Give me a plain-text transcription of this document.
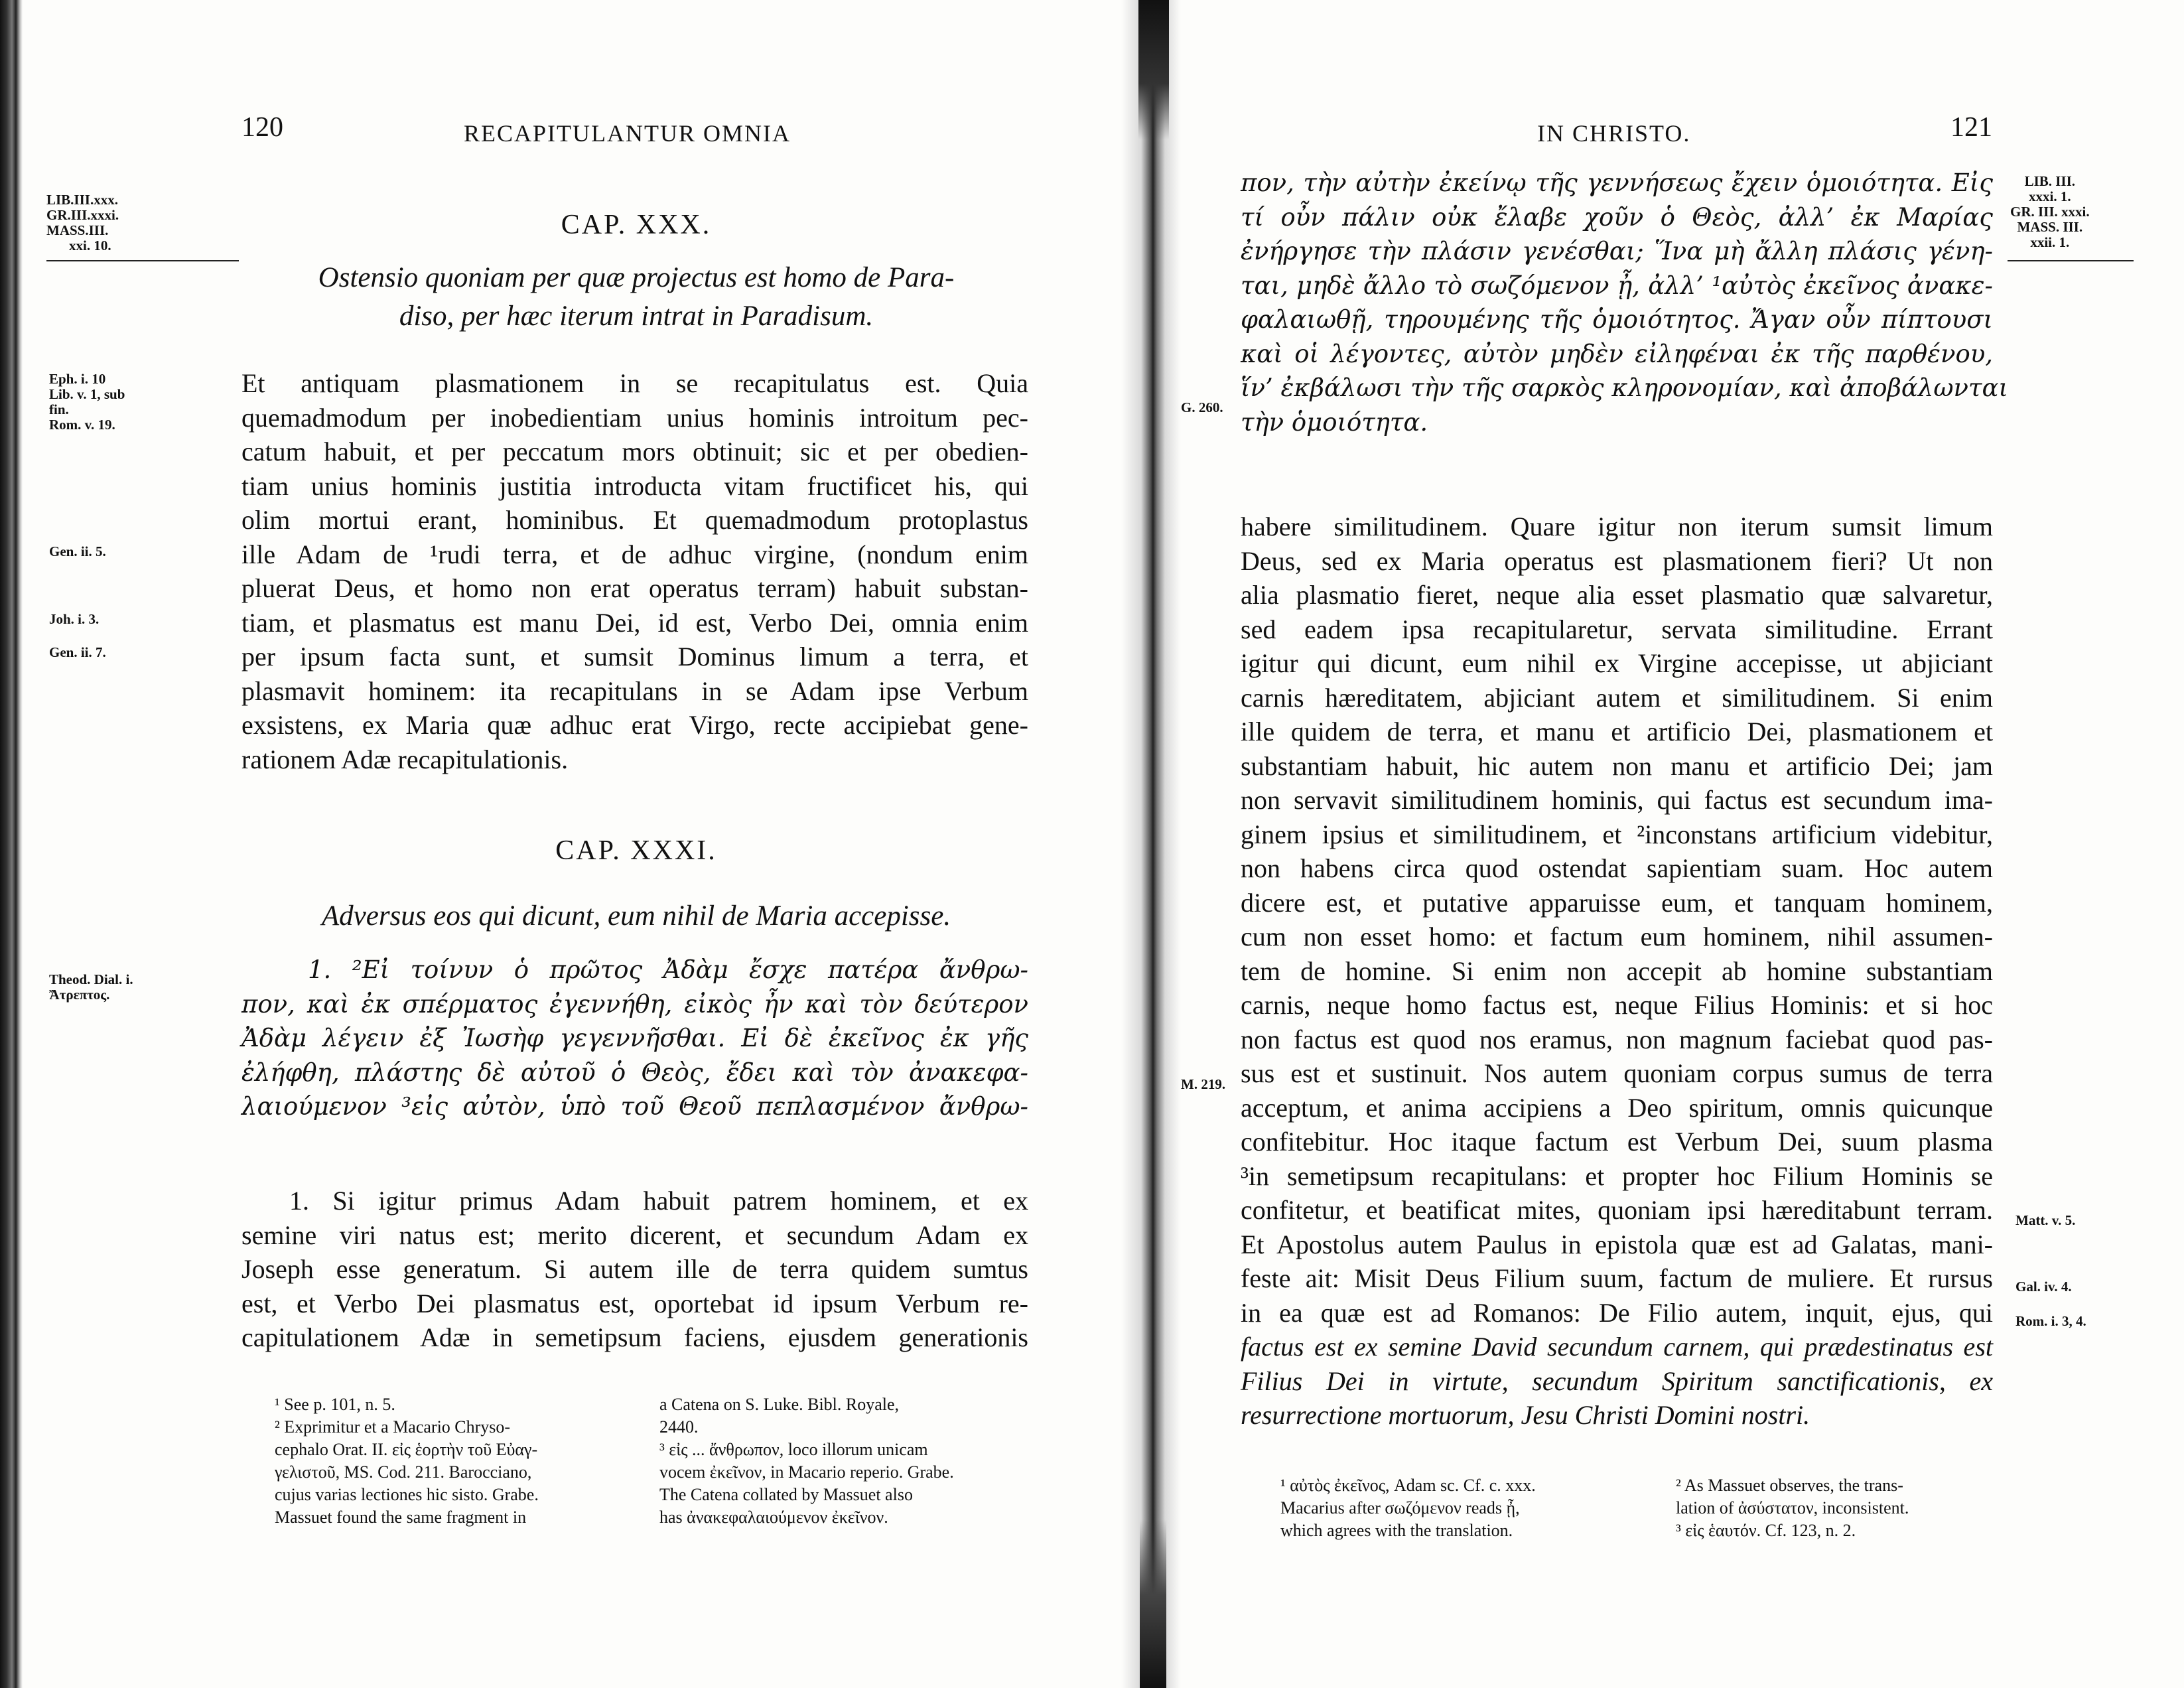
120	RECAPITULANTUR OMNIA
LIB.III.xxx.
GR.III.xxxi.
MASS.III.
xxi. 10.
CAP. XXX.
Ostensio quoniam per quæ projectus est homo de Para-
diso, per hæc iterum intrat in Paradisum.
Eph. i. 10
Lib. v. 1, sub
fin.
Rom. v. 19.
Gen. ii. 5.
Joh. i. 3.
Gen. ii. 7.
Et antiquam plasmationem in se recapitulatus est. Quia
quemadmodum per inobedientiam unius hominis introitum pec-
catum habuit, et per peccatum mors obtinuit; sic et per obedien-
tiam unius hominis justitia introducta vitam fructificet his, qui
olim mortui erant, hominibus. Et quemadmodum protoplastus
ille Adam de ¹rudi terra, et de adhuc virgine, (nondum enim
pluerat Deus, et homo non erat operatus terram) habuit substan-
tiam, et plasmatus est manu Dei, id est, Verbo Dei, omnia enim
per ipsum facta sunt, et sumsit Dominus limum a terra, et
plasmavit hominem: ita recapitulans in se Adam ipse Verbum
exsistens, ex Maria quæ adhuc erat Virgo, recte accipiebat gene-
rationem Adæ recapitulationis.
CAP. XXXI.
Adversus eos qui dicunt, eum nihil de Maria accepisse.
Theod. Dial. i.
Ἄτρεπτος.
1. ²Εἰ τοίνυν ὁ πρῶτος Ἀδὰμ ἔσχε πατέρα ἄνθρω-
πον, καὶ ἐκ σπέρματος ἐγεννήθη, εἰκὸς ἦν καὶ τὸν δεύτερον
Ἀδὰμ λέγειν ἐξ Ἰωσὴφ γεγεννῆσθαι. Εἰ δὲ ἐκεῖνος ἐκ γῆς
ἐλήφθη, πλάστης δὲ αὐτοῦ ὁ Θεὸς, ἔδει καὶ τὸν ἀνακεφα-
λαιούμενον ³εἰς αὐτὸν, ὑπὸ τοῦ Θεοῦ πεπλασμένον ἄνθρω-
1. Si igitur primus Adam habuit patrem hominem, et ex
semine viri natus est; merito dicerent, et secundum Adam ex
Joseph esse generatum. Si autem ille de terra quidem sumtus
est, et Verbo Dei plasmatus est, oportebat id ipsum Verbum re-
capitulationem Adæ in semetipsum faciens, ejusdem generationis
¹ See p. 101, n. 5.
² Exprimitur et a Macario Chryso-
cephalo Orat. II. εἰς ἑορτὴν τοῦ Εὐαγ-
γελιστοῦ, MS. Cod. 211. Barocciano,
cujus varias lectiones hic sisto. Grabe.
Massuet found the same fragment in
a Catena on S. Luke. Bibl. Royale,
2440.
³ εἰς ... ἄνθρωπον, loco illorum unicam
vocem ἐκεῖνον, in Macario reperio. Grabe.
The Catena collated by Massuet also
has ἀνακεφαλαιούμενον ἐκεῖνον.
IN CHRISTO.	121
LIB. III.
xxxi. 1.
GR. III. xxxi.
MASS. III.
xxii. 1.
G. 260.
πον, τὴν αὐτὴν ἐκείνῳ τῆς γεννήσεως ἔχειν ὁμοιότητα. Εἰς
τί οὖν πάλιν οὐκ ἔλαβε χοῦν ὁ Θεὸς, ἀλλ’ ἐκ Μαρίας
ἐνήργησε τὴν πλάσιν γενέσθαι; Ἵνα μὴ ἄλλη πλάσις γένη-
ται, μηδὲ ἄλλο τὸ σωζόμενον ᾖ, ἀλλ’ ¹αὐτὸς ἐκεῖνος ἀνακε-
φαλαιωθῇ, τηρουμένης τῆς ὁμοιότητος. Ἄγαν οὖν πίπτουσι
καὶ οἱ λέγοντες, αὐτὸν μηδὲν εἰληφέναι ἐκ τῆς παρθένου,
ἵν’ ἐκβάλωσι τὴν τῆς σαρκὸς κληρονομίαν, καὶ ἀποβάλωνται
τὴν ὁμοιότητα.
M. 219.
Matt. v. 5.
Gal. iv. 4.
Rom. i. 3, 4.
habere similitudinem. Quare igitur non iterum sumsit limum
Deus, sed ex Maria operatus est plasmationem fieri? Ut non
alia plasmatio fieret, neque alia esset plasmatio quæ salvaretur,
sed eadem ipsa recapitularetur, servata similitudine. Errant
igitur qui dicunt, eum nihil ex Virgine accepisse, ut abjiciant
carnis hæreditatem, abjiciant autem et similitudinem. Si enim
ille quidem de terra, et manu et artificio Dei, plasmationem et
substantiam habuit, hic autem non manu et artificio Dei; jam
non servavit similitudinem hominis, qui factus est secundum ima-
ginem ipsius et similitudinem, et ²inconstans artificium videbitur,
non habens circa quod ostendat sapientiam suam. Hoc autem
dicere est, et putative apparuisse eum, et tanquam hominem,
cum non esset homo: et factum eum hominem, nihil assumen-
tem de homine. Si enim non accepit ab homine substantiam
carnis, neque homo factus est, neque Filius Hominis: et si hoc
non factus est quod nos eramus, non magnum faciebat quod pas-
sus est et sustinuit. Nos autem quoniam corpus sumus de terra
acceptum, et anima accipiens a Deo spiritum, omnis quicunque
confitebitur. Hoc itaque factum est Verbum Dei, suum plasma
³in semetipsum recapitulans: et propter hoc Filium Hominis se
confitetur, et beatificat mites, quoniam ipsi hæreditabunt terram.
Et Apostolus autem Paulus in epistola quæ est ad Galatas, mani-
feste ait: Misit Deus Filium suum, factum de muliere. Et rursus
in ea quæ est ad Romanos: De Filio autem, inquit, ejus, qui
factus est ex semine David secundum carnem, qui prædestinatus est
Filius Dei in virtute, secundum Spiritum sanctificationis, ex
resurrectione mortuorum, Jesu Christi Domini nostri.
¹ αὐτὸς ἐκεῖνος, Adam sc. Cf. c. xxx.
Macarius after σωζόμενον reads ᾖ,
which agrees with the translation.
² As Massuet observes, the trans-
lation of ἀσύστατον, inconsistent.
³ εἰς ἑαυτόν. Cf. 123, n. 2.
